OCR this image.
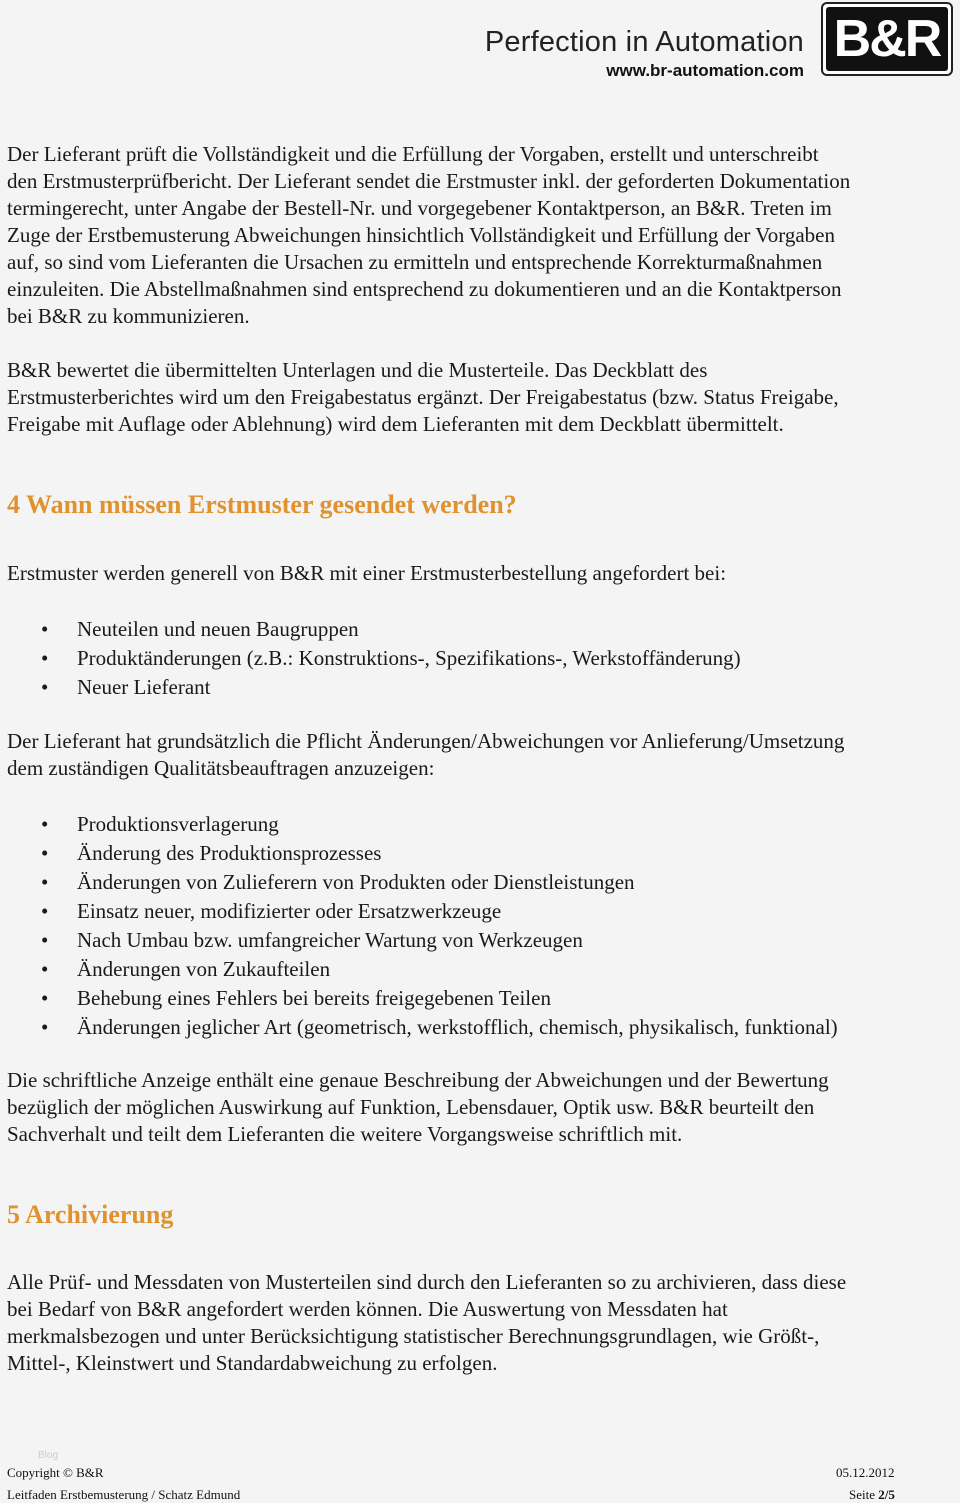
Perfection in Automation
www.br-automation.com
B&R
Der Lieferant prüft die Vollständigkeit und die Erfüllung der Vorgaben, erstellt und unterschreibt
den Erstmusterprüfbericht. Der Lieferant sendet die Erstmuster inkl. der geforderten Dokumentation
termingerecht, unter Angabe der Bestell-Nr. und vorgegebener Kontaktperson, an B&R. Treten im
Zuge der Erstbemusterung Abweichungen hinsichtlich Vollständigkeit und Erfüllung der Vorgaben
auf, so sind vom Lieferanten die Ursachen zu ermitteln und entsprechende Korrekturmaßnahmen
einzuleiten. Die Abstellmaßnahmen sind entsprechend zu dokumentieren und an die Kontaktperson
bei B&R zu kommunizieren.
B&R bewertet die übermittelten Unterlagen und die Musterteile. Das Deckblatt des
Erstmusterberichtes wird um den Freigabestatus ergänzt. Der Freigabestatus (bzw. Status Freigabe,
Freigabe mit Auflage oder Ablehnung) wird dem Lieferanten mit dem Deckblatt übermittelt.
4 Wann müssen Erstmuster gesendet werden?
Erstmuster werden generell von B&R mit einer Erstmusterbestellung angefordert bei:
• Neuteilen und neuen Baugruppen
• Produktänderungen (z.B.: Konstruktions-, Spezifikations-, Werkstoffänderung)
• Neuer Lieferant
Der Lieferant hat grundsätzlich die Pflicht Änderungen/Abweichungen vor Anlieferung/Umsetzung
dem zuständigen Qualitätsbeauftragen anzuzeigen:
• Produktionsverlagerung
• Änderung des Produktionsprozesses
• Änderungen von Zulieferern von Produkten oder Dienstleistungen
• Einsatz neuer, modifizierter oder Ersatzwerkzeuge
• Nach Umbau bzw. umfangreicher Wartung von Werkzeugen
• Änderungen von Zukaufteilen
• Behebung eines Fehlers bei bereits freigegebenen Teilen
• Änderungen jeglicher Art (geometrisch, werkstofflich, chemisch, physikalisch, funktional)
Die schriftliche Anzeige enthält eine genaue Beschreibung der Abweichungen und der Bewertung
bezüglich der möglichen Auswirkung auf Funktion, Lebensdauer, Optik usw. B&R beurteilt den
Sachverhalt und teilt dem Lieferanten die weitere Vorgangsweise schriftlich mit.
5 Archivierung
Alle Prüf- und Messdaten von Musterteilen sind durch den Lieferanten so zu archivieren, dass diese
bei Bedarf von B&R angefordert werden können. Die Auswertung von Messdaten hat
merkmalsbezogen und unter Berücksichtigung statistischer Berechnungsgrundlagen, wie Größt-,
Mittel-, Kleinstwert und Standardabweichung zu erfolgen.
Blog
Copyright © B&R	05.12.2012
Leitfaden Erstbemusterung / Schatz Edmund	Seite 2/5
